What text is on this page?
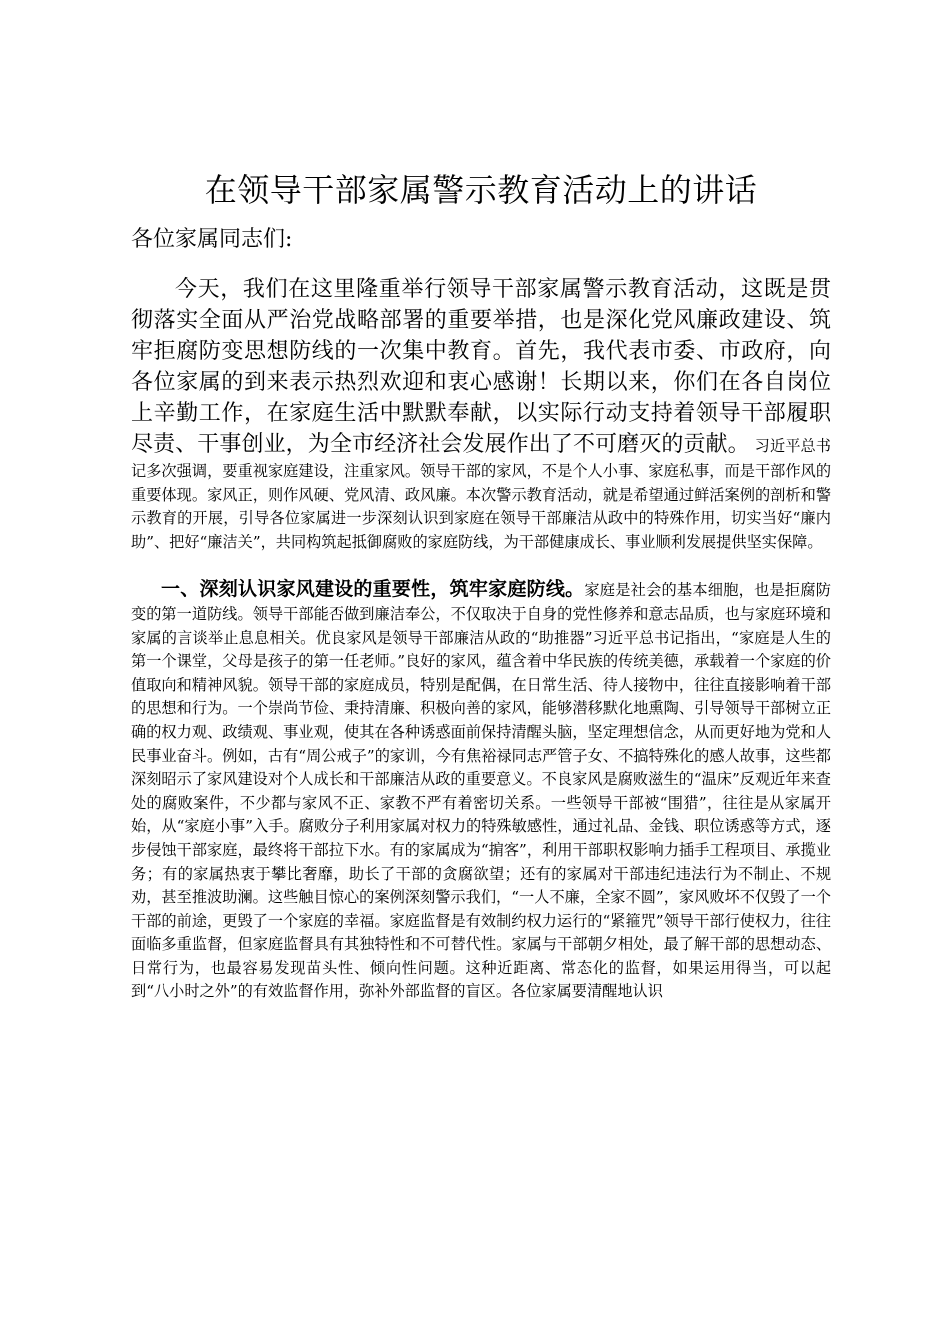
在领导干部家属警示教育活动上的讲话

各位家属同志们:

今天，我们在这里隆重举行领导干部家属警示教育活动，这既是贯彻落实全面从严治党战略部署的重要举措，也是深化党风廉政建设、筑牢拒腐防变思想防线的一次集中教育。首先，我代表市委、市政府，向各位家属的到来表示热烈欢迎和衷心感谢！长期以来，你们在各自岗位上辛勤工作，在家庭生活中默默奉献，以实际行动支持着领导干部履职尽责、干事创业，为全市经济社会发展作出了不可磨灭的贡献。 习近平总书记多次强调，要重视家庭建设，注重家风。领导干部的家风，不是个人小事、家庭私事，而是干部作风的重要体现。家风正，则作风硬、党风清、政风廉。本次警示教育活动，就是希望通过鲜活案例的剖析和警示教育的开展，引导各位家属进一步深刻认识到家庭在领导干部廉洁从政中的特殊作用，切实当好“廉内助”、把好“廉洁关”，共同构筑起抵御腐败的家庭防线，为干部健康成长、事业顺利发展提供坚实保障。

一、深刻认识家风建设的重要性，筑牢家庭防线。家庭是社会的基本细胞，也是拒腐防变的第一道防线。领导干部能否做到廉洁奉公，不仅取决于自身的党性修养和意志品质，也与家庭环境和家属的言谈举止息息相关。优良家风是领导干部廉洁从政的“助推器”习近平总书记指出，“家庭是人生的第一个课堂，父母是孩子的第一任老师。”良好的家风，蕴含着中华民族的传统美德，承载着一个家庭的价值取向和精神风貌。领导干部的家庭成员，特别是配偶，在日常生活、待人接物中，往往直接影响着干部的思想和行为。一个崇尚节俭、秉持清廉、积极向善的家风，能够潜移默化地熏陶、引导领导干部树立正确的权力观、政绩观、事业观，使其在各种诱惑面前保持清醒头脑，坚定理想信念，从而更好地为党和人民事业奋斗。例如，古有“周公戒子”的家训，今有焦裕禄同志严管子女、不搞特殊化的感人故事，这些都深刻昭示了家风建设对个人成长和干部廉洁从政的重要意义。不良家风是腐败滋生的“温床”反观近年来查处的腐败案件，不少都与家风不正、家教不严有着密切关系。一些领导干部被“围猎”，往往是从家属开始，从“家庭小事”入手。腐败分子利用家属对权力的特殊敏感性，通过礼品、金钱、职位诱惑等方式，逐步侵蚀干部家庭，最终将干部拉下水。有的家属成为“掮客”，利用干部职权影响力插手工程项目、承揽业务；有的家属热衷于攀比奢靡，助长了干部的贪腐欲望；还有的家属对干部违纪违法行为不制止、不规劝，甚至推波助澜。这些触目惊心的案例深刻警示我们，“一人不廉，全家不圆”，家风败坏不仅毁了一个干部的前途，更毁了一个家庭的幸福。家庭监督是有效制约权力运行的“紧箍咒”领导干部行使权力，往往面临多重监督，但家庭监督具有其独特性和不可替代性。家属与干部朝夕相处，最了解干部的思想动态、日常行为，也最容易发现苗头性、倾向性问题。这种近距离、常态化的监督，如果运用得当，可以起到“八小时之外”的有效监督作用，弥补外部监督的盲区。各位家属要清醒地认识
